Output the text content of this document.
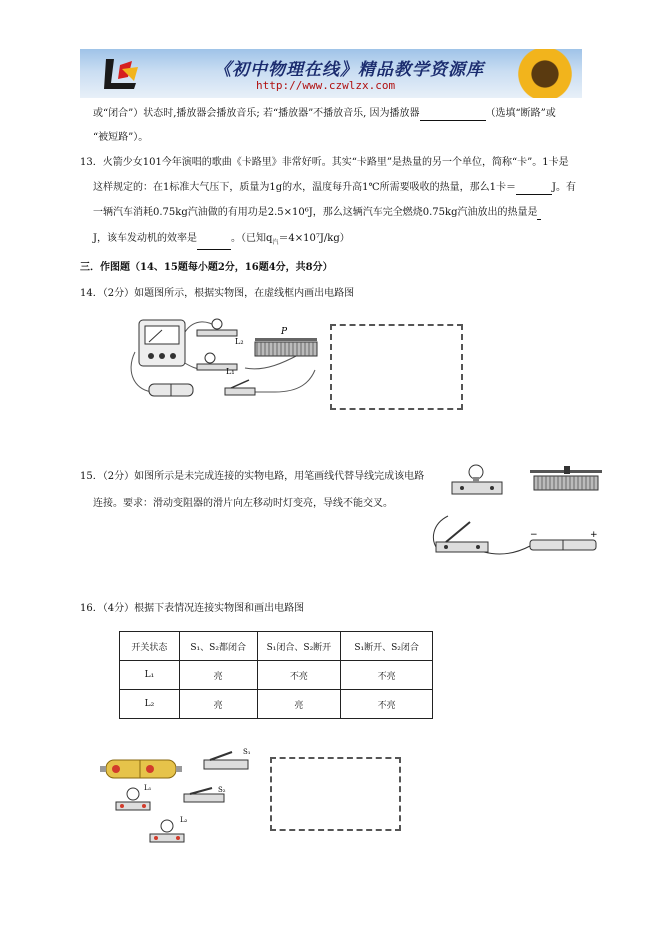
《初中物理在线》精品教学资源库
http://www.czwlzx.com
或“闭合”）状态时,播放器会播放音乐; 若“播放器”不播放音乐, 因为播放器	（选填“断路”或
“被短路”）。
13．火箭少女101今年演唱的歌曲《卡路里》非常好听。其实“卡路里”是热量的另一个单位，简称“卡”。1卡是
这样规定的：在1标准大气压下，质量为1g的水，温度每升高1℃所需要吸收的热量，那么1卡＝	J。有
一辆汽车消耗0.75kg汽油做的有用功是2.5×10⁶J，那么这辆汽车完全燃烧0.75kg汽油放出的热量是
J，该车发动机的效率是	。（已知$q_汽=4\times 10^7J/kg$）
三．作图题（14、15题每小题2分，16题4分，共8分）
14．（2分）如题图所示，根据实物图，在虚线框内画出电路图
L₂
L₁
P
15．（2分）如图所示是未完成连接的实物电路，用笔画线代替导线完成该电路
连接。要求：滑动变阻器的滑片向左移动时灯变亮，导线不能交叉。
−	+
16．（4分）根据下表情况连接实物图和画出电路图
开关状态	S₁、S₂都闭合	S₁闭合、S₂断开	S₁断开、S₂闭合
L₁	亮	不亮	不亮
L₂	亮	亮	不亮
S₁
L₁	S₂
L₂
